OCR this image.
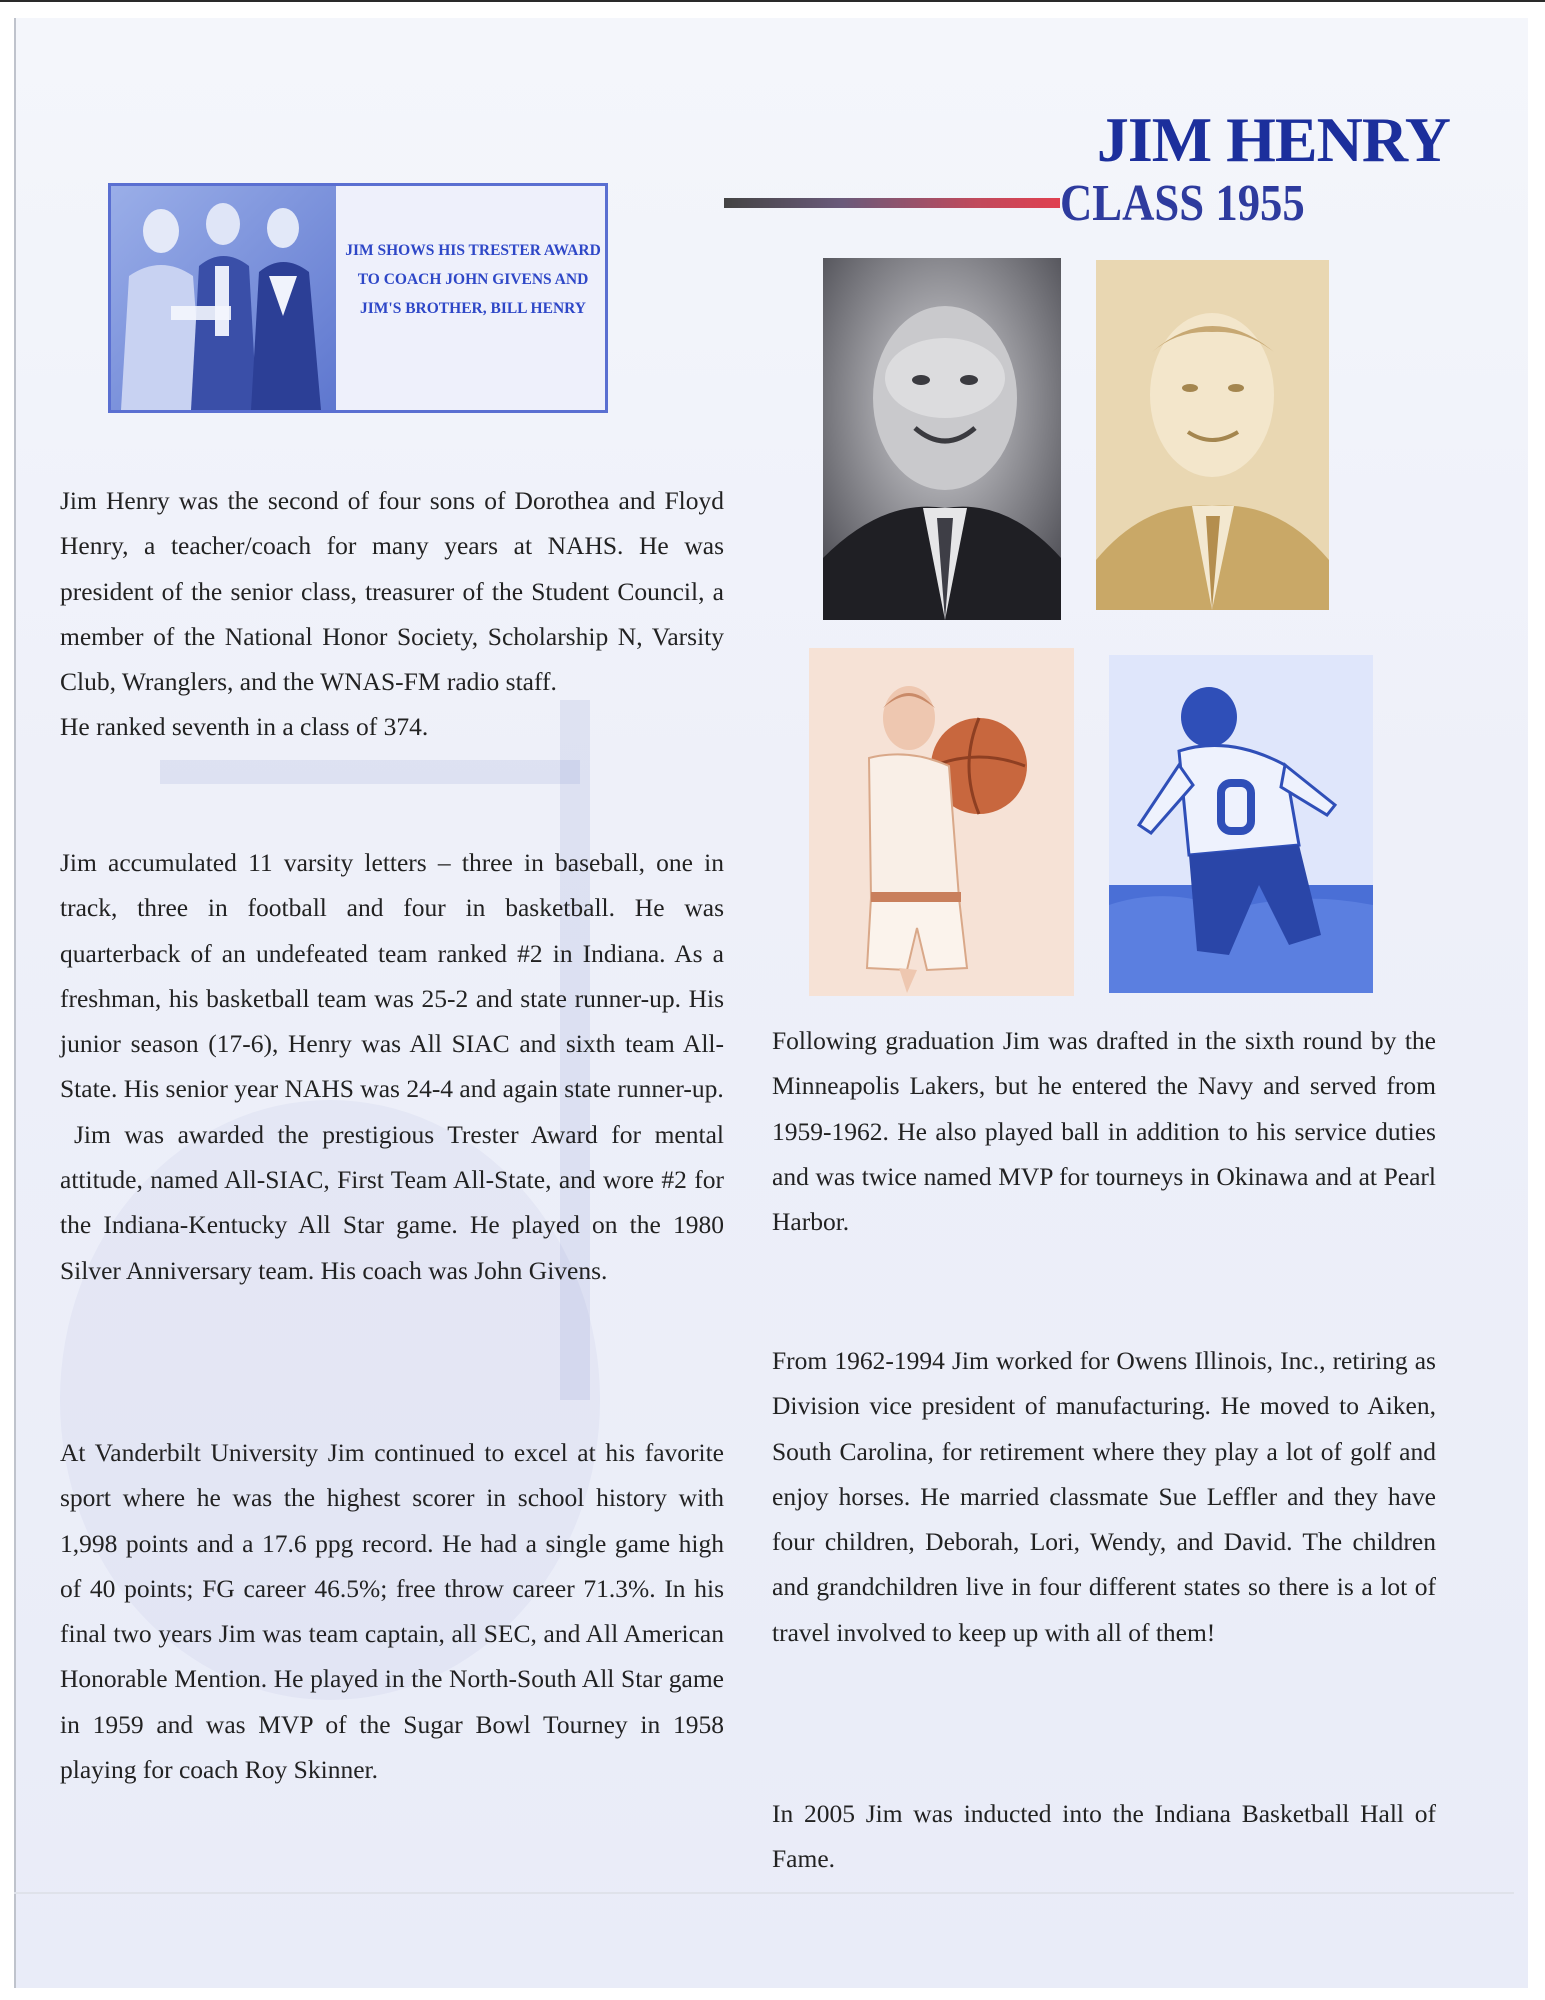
JIM HENRY
CLASS 1955
JIM SHOWS HIS TRESTER AWARD TO COACH JOHN GIVENS AND JIM'S BROTHER, BILL HENRY

Jim Henry was the second of four sons of Dorothea and Floyd Henry, a teacher/coach for many years at NAHS. He was president of the senior class, treasurer of the Student Council, a member of the National Honor Society, Scholarship N, Varsity Club, Wranglers, and the WNAS-FM radio staff.

He ranked seventh in a class of 374.

Jim accumulated 11 varsity letters – three in baseball, one in track, three in football and four in basketball. He was quarterback of an undefeated team ranked #2 in Indiana. As a freshman, his basketball team was 25-2 and state runner-up. His junior season (17-6), Henry was All SIAC and sixth team All-State. His senior year NAHS was 24-4 and again state runner-up.

Jim was awarded the prestigious Trester Award for mental attitude, named All-SIAC, First Team All-State, and wore #2 for the Indiana-Kentucky All Star game. He played on the 1980 Silver Anniversary team. His coach was John Givens.

At Vanderbilt University Jim continued to excel at his favorite sport where he was the highest scorer in school history with 1,998 points and a 17.6 ppg record. He had a single game high of 40 points; FG career 46.5%; free throw career 71.3%. In his final two years Jim was team captain, all SEC, and All American Honorable Mention. He played in the North-South All Star game in 1959 and was MVP of the Sugar Bowl Tourney in 1958 playing for coach Roy Skinner.

Following graduation Jim was drafted in the sixth round by the Minneapolis Lakers, but he entered the Navy and served from 1959-1962. He also played ball in addition to his service duties and was twice named MVP for tourneys in Okinawa and at Pearl Harbor.

From 1962-1994 Jim worked for Owens Illinois, Inc., retiring as Division vice president of manufacturing. He moved to Aiken, South Carolina, for retirement where they play a lot of golf and enjoy horses. He married classmate Sue Leffler and they have four children, Deborah, Lori, Wendy, and David. The children and grandchildren live in four different states so there is a lot of travel involved to keep up with all of them!

In 2005 Jim was inducted into the Indiana Basketball Hall of Fame.
